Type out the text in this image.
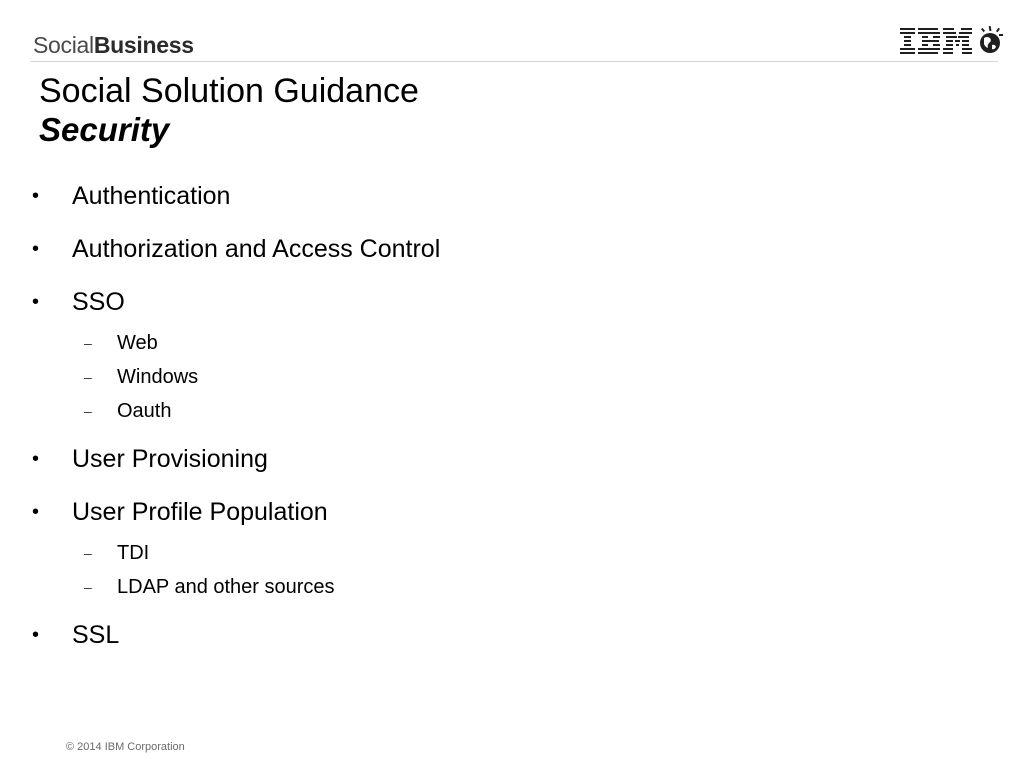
SocialBusiness
Social Solution Guidance
Security
• Authentication
• Authorization and Access Control
• SSO
– Web
– Windows
– Oauth
• User Provisioning
• User Profile Population
– TDI
– LDAP and other sources
• SSL
© 2014 IBM Corporation
